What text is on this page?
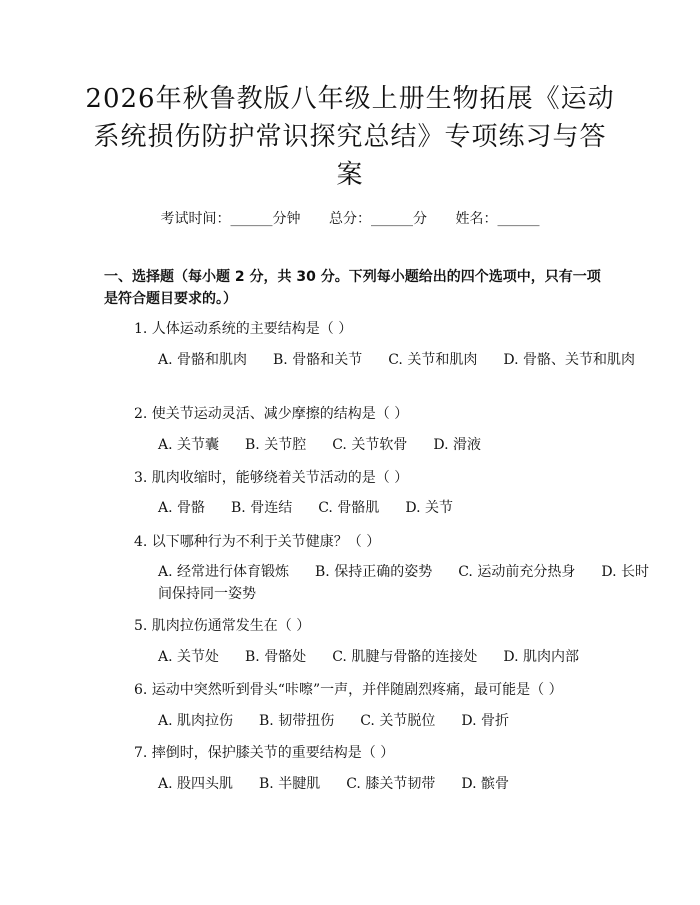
2026年秋鲁教版八年级上册生物拓展《运动
系统损伤防护常识探究总结》专项练习与答
案
考试时间：______分钟 总分：______分 姓名：______
一、选择题（每小题 2 分，共 30 分。下列每小题给出的四个选项中，只有一项是符合题目要求的。）
1. 人体运动系统的主要结构是（ ）
A. 骨骼和肌肉 B. 骨骼和关节 C. 关节和肌肉 D. 骨骼、关节和肌肉
2. 使关节运动灵活、减少摩擦的结构是（ ）
A. 关节囊 B. 关节腔 C. 关节软骨 D. 滑液
3. 肌肉收缩时，能够绕着关节活动的是（ ）
A. 骨骼 B. 骨连结 C. 骨骼肌 D. 关节
4. 以下哪种行为不利于关节健康？（ ）
A. 经常进行体育锻炼 B. 保持正确的姿势 C. 运动前充分热身 D. 长时间保持同一姿势
5. 肌肉拉伤通常发生在（ ）
A. 关节处 B. 骨骼处 C. 肌腱与骨骼的连接处 D. 肌肉内部
6. 运动中突然听到骨头“咔嚓”一声，并伴随剧烈疼痛，最可能是（ ）
A. 肌肉拉伤 B. 韧带扭伤 C. 关节脱位 D. 骨折
7. 摔倒时，保护膝关节的重要结构是（ ）
A. 股四头肌 B. 半腱肌 C. 膝关节韧带 D. 髌骨
